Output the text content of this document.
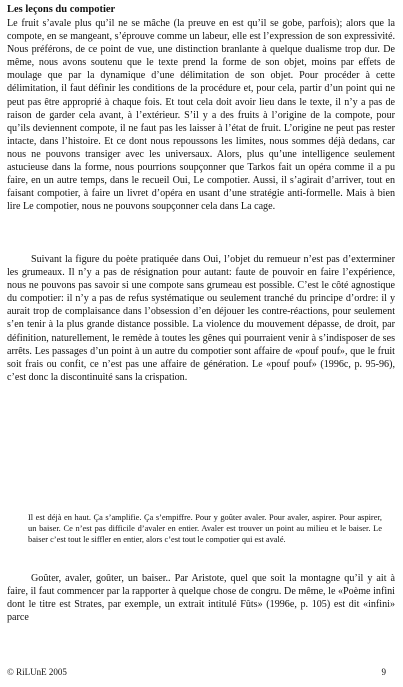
Les leçons du compotier

Le fruit s’avale plus qu’il ne se mâche (la preuve en est qu’il se gobe, parfois); alors que la compote, en se mangeant, s’éprouve comme un labeur, elle est l’expression de son expressivité. Nous préférons, de ce point de vue, une distinction branlante à quelque dualisme trop dur. De même, nous avons soutenu que le texte prend la forme de son objet, moins par effets de moulage que par la dynamique d’une délimitation de son objet. Pour procéder à cette délimitation, il faut définir les conditions de la procédure et, pour cela, partir d’un point qui ne peut pas être approprié à chaque fois. Et tout cela doit avoir lieu dans le texte, il n’y a pas de raison de garder cela avant, à l’extérieur. S’il y a des fruits à l’origine de la compote, pour qu’ils deviennent compote, il ne faut pas les laisser à l’état de fruit. L’origine ne peut pas rester intacte, dans l’histoire. Et ce dont nous repoussons les limites, nous sommes déjà dedans, car nous ne pouvons transiger avec les universaux. Alors, plus qu’une intelligence seulement astucieuse dans la forme, nous pourrions soupçonner que Tarkos fait un opéra comme il a pu faire, en un autre temps, dans le recueil Oui, Le compotier. Aussi, il s’agirait d’arriver, tout en faisant compotier, à faire un livret d’opéra en usant d’une stratégie anti-formelle. Mais à bien lire Le compotier, nous ne pouvons soupçonner cela dans La cage.

Suivant la figure du poète pratiquée dans Oui, l’objet du remueur n’est pas d’exterminer les grumeaux. Il n’y a pas de résignation pour autant: faute de pouvoir en faire l’expérience, nous ne pouvons pas savoir si une compote sans grumeau est possible. C’est le côté agnostique du compotier: il n’y a pas de refus systématique ou seulement tranché du principe d’ordre: il y aurait trop de complaisance dans l’obsession d’en déjouer les contre-réactions, pour seulement s’en tenir à la plus grande distance possible. La violence du mouvement dépasse, de droit, par définition, naturellement, le remède à toutes les gênes qui pourraient venir à s’indisposer de ses arrêts. Les passages d’un point à un autre du compotier sont affaire de «pouf pouf», que le fruit soit frais ou confit, ce n’est pas une affaire de génération. Le «pouf pouf» (1996c, p. 95-96), c’est donc la discontinuité sans la crispation.

Il est déjà en haut. Ça s’amplifie. Ça s’empiffre. Pour y goûter avaler. Pour avaler, aspirer. Pour aspirer, un baiser. Ce n’est pas difficile d’avaler en entier. Avaler est trouver un point au milieu et le baiser. Le baiser c’est tout le siffler en entier, alors c’est tout le compotier qui est avalé.

Goûter, avaler, goûter, un baiser.. Par Aristote, quel que soit la montagne qu’il y ait à faire, il faut commencer par la rapporter à quelque chose de congru. De même, le «Poème infini dont le titre est Strates, par exemple, un extrait intitulé Fûts» (1996e, p. 105) est dit «infini» parce

© RiLUnE 2005	9
